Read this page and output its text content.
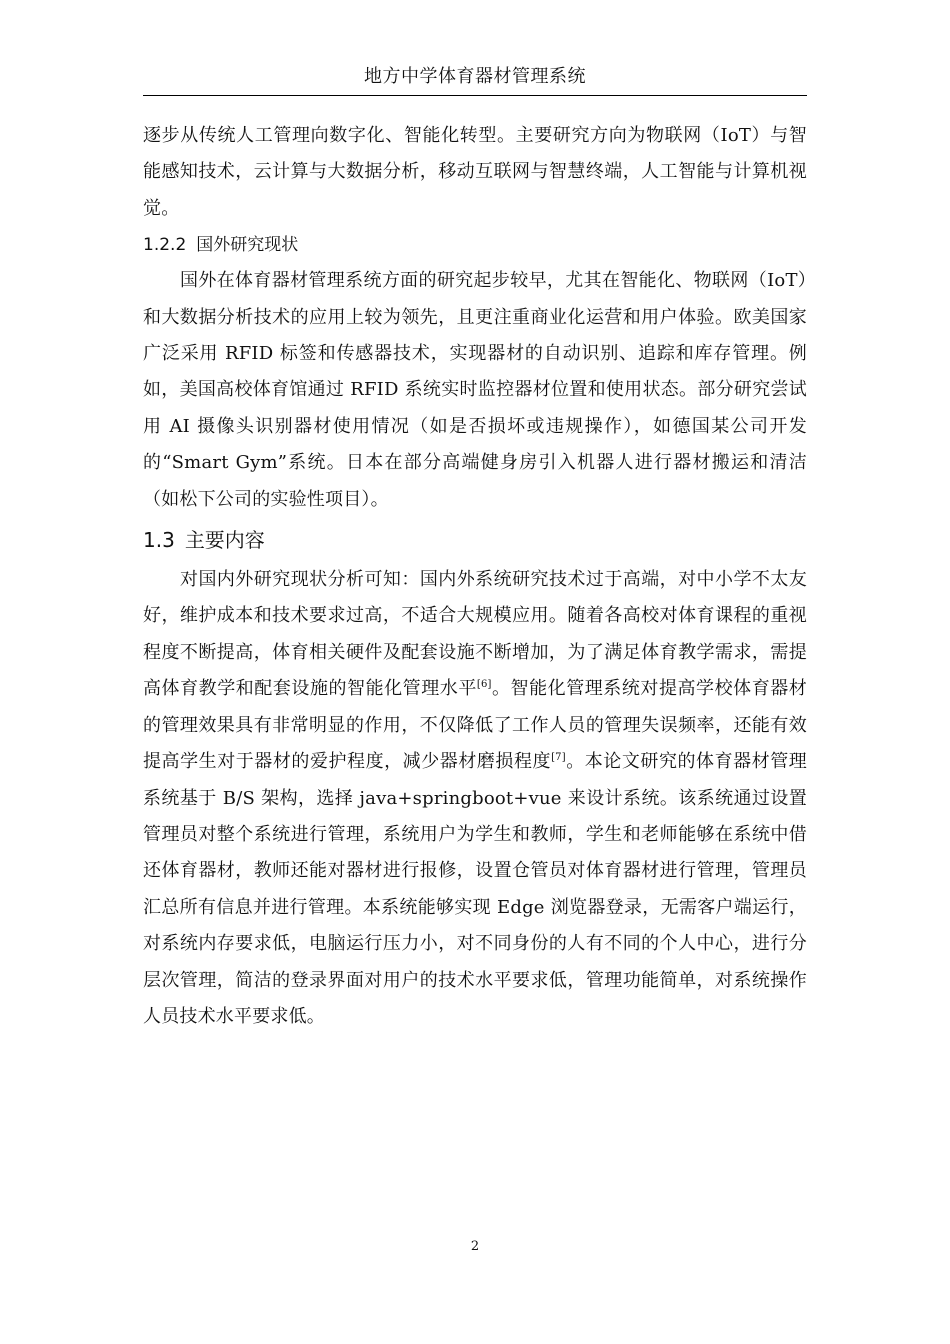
地方中学体育器材管理系统

逐步从传统人工管理向数字化、智能化转型。主要研究方向为物联网（IoT）与智能感知技术，云计算与大数据分析，移动互联网与智慧终端，人工智能与计算机视觉。

1.2.2 国外研究现状

国外在体育器材管理系统方面的研究起步较早，尤其在智能化、物联网（IoT）和大数据分析技术的应用上较为领先，且更注重商业化运营和用户体验。欧美国家广泛采用 RFID 标签和传感器技术，实现器材的自动识别、追踪和库存管理。例如，美国高校体育馆通过 RFID 系统实时监控器材位置和使用状态。部分研究尝试用 AI 摄像头识别器材使用情况（如是否损坏或违规操作），如德国某公司开发的“Smart Gym”系统。日本在部分高端健身房引入机器人进行器材搬运和清洁（如松下公司的实验性项目）。

1.3 主要内容

对国内外研究现状分析可知：国内外系统研究技术过于高端，对中小学不太友好，维护成本和技术要求过高，不适合大规模应用。随着各高校对体育课程的重视程度不断提高，体育相关硬件及配套设施不断增加，为了满足体育教学需求，需提高体育教学和配套设施的智能化管理水平[6]。智能化管理系统对提高学校体育器材的管理效果具有非常明显的作用，不仅降低了工作人员的管理失误频率，还能有效提高学生对于器材的爱护程度，减少器材磨损程度[7]。本论文研究的体育器材管理系统基于 B/S 架构，选择 java+springboot+vue 来设计系统。该系统通过设置管理员对整个系统进行管理，系统用户为学生和教师，学生和老师能够在系统中借还体育器材，教师还能对器材进行报修，设置仓管员对体育器材进行管理，管理员汇总所有信息并进行管理。本系统能够实现 Edge 浏览器登录，无需客户端运行，对系统内存要求低，电脑运行压力小，对不同身份的人有不同的个人中心，进行分层次管理，简洁的登录界面对用户的技术水平要求低，管理功能简单，对系统操作人员技术水平要求低。

2
